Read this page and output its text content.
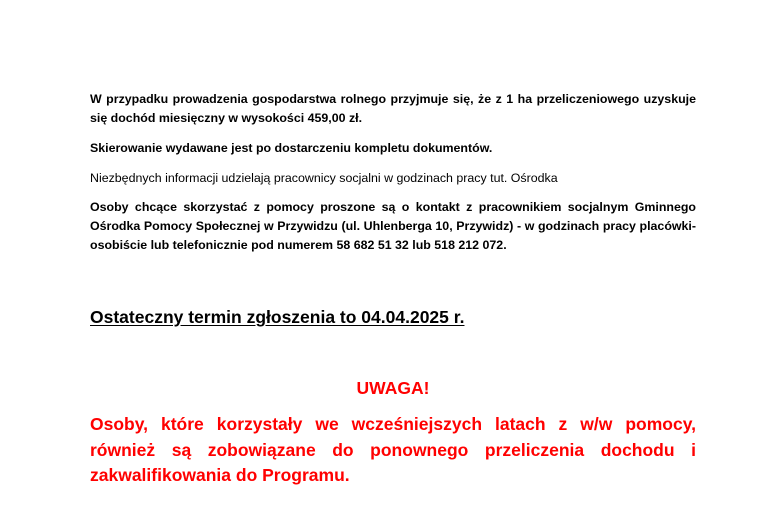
W przypadku prowadzenia gospodarstwa rolnego przyjmuje się, że z 1 ha przeliczeniowego uzyskuje się dochód miesięczny w wysokości 459,00 zł.

Skierowanie wydawane jest po dostarczeniu kompletu dokumentów.

Niezbędnych informacji udzielają pracownicy socjalni w godzinach pracy tut. Ośrodka

Osoby chcące skorzystać z pomocy proszone są o kontakt z pracownikiem socjalnym Gminnego Ośrodka Pomocy Społecznej w Przywidzu (ul. Uhlenberga 10, Przywidz) - w godzinach pracy placówki- osobiście lub telefonicznie pod numerem 58 682 51 32 lub 518 212 072.

Ostateczny termin zgłoszenia to 04.04.2025 r.

UWAGA!

Osoby, które korzystały we wcześniejszych latach z w/w pomocy, również są zobowiązane do ponownego przeliczenia dochodu i zakwalifikowania do Programu.
